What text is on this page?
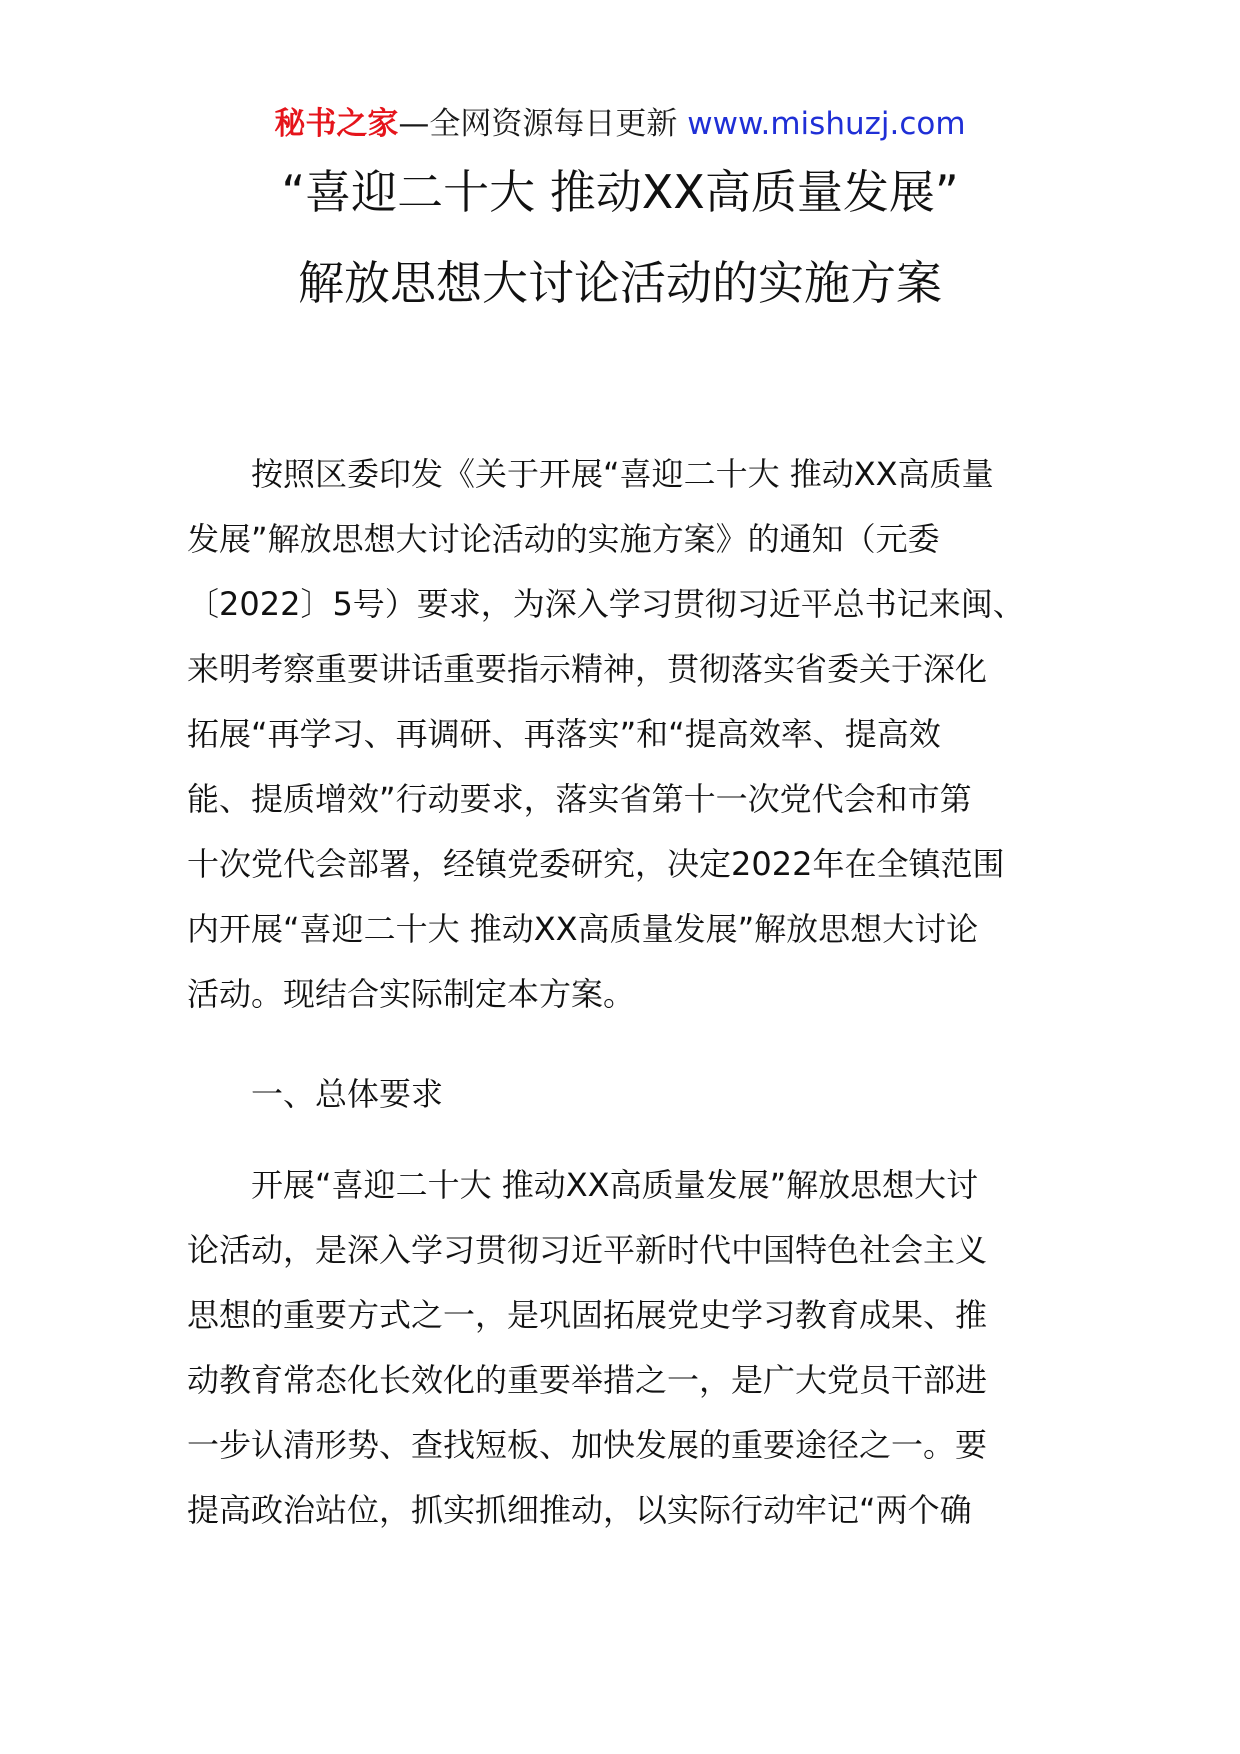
秘书之家—全网资源每日更新 www.mishuzj.com
“喜迎二十大 推动XX高质量发展”
解放思想大讨论活动的实施方案
　　按照区委印发《关于开展“喜迎二十大 推动XX高质量
发展”解放思想大讨论活动的实施方案》的通知（元委
〔2022〕5号）要求，为深入学习贯彻习近平总书记来闽、
来明考察重要讲话重要指示精神，贯彻落实省委关于深化
拓展“再学习、再调研、再落实”和“提高效率、提高效
能、提质增效”行动要求，落实省第十一次党代会和市第
十次党代会部署，经镇党委研究，决定2022年在全镇范围
内开展“喜迎二十大 推动XX高质量发展”解放思想大讨论
活动。现结合实际制定本方案。
　　一、总体要求
　　开展“喜迎二十大 推动XX高质量发展”解放思想大讨
论活动，是深入学习贯彻习近平新时代中国特色社会主义
思想的重要方式之一，是巩固拓展党史学习教育成果、推
动教育常态化长效化的重要举措之一，是广大党员干部进
一步认清形势、查找短板、加快发展的重要途径之一。要
提高政治站位，抓实抓细推动，以实际行动牢记“两个确
